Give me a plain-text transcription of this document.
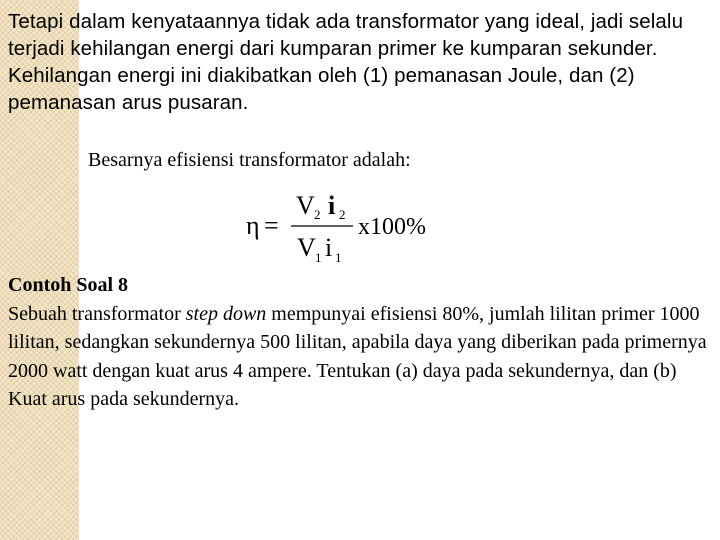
Tetapi dalam kenyataannya tidak ada transformator yang ideal, jadi selalu terjadi kehilangan energi dari kumparan primer ke kumparan sekunder. Kehilangan energi ini diakibatkan oleh (1) pemanasan Joule, dan (2) pemanasan arus pusaran.

Besarnya efisiensi transformator adalah:

η =
V 2 i 2
V 1 i 1
x100%
Contoh Soal 8
Sebuah transformator step down mempunyai efisiensi 80%, jumlah lilitan primer 1000 lilitan, sedangkan sekundernya 500 lilitan, apabila daya yang diberikan pada primernya 2000 watt dengan kuat arus 4 ampere. Tentukan (a) daya pada sekundernya, dan (b) Kuat arus pada sekundernya.
